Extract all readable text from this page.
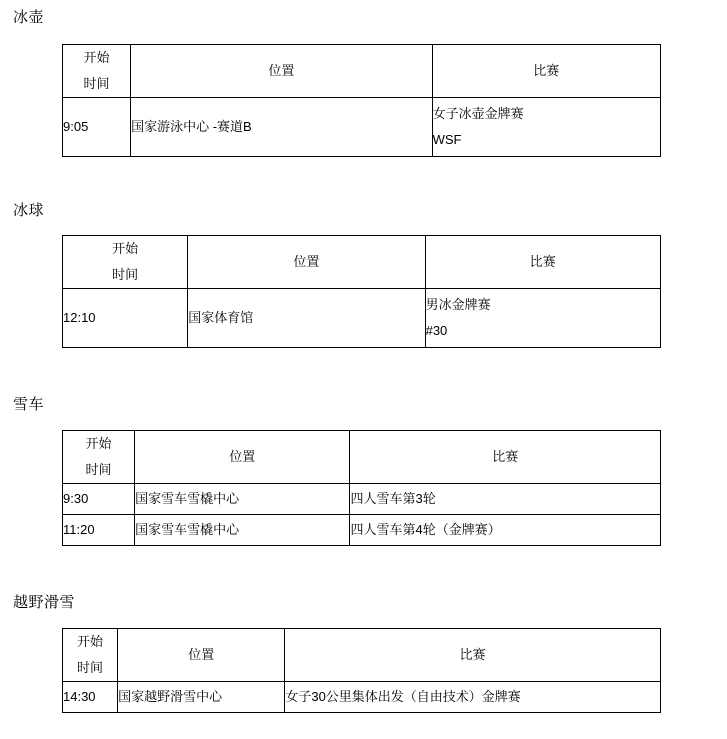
冰壶
开始
时间	位置	比赛
9:05	国家游泳中心 -赛道B	女子冰壶金牌赛
WSF
冰球
开始
时间	位置	比赛
12:10	国家体育馆	男冰金牌赛
#30
雪车
开始
时间	位置	比赛
9:30	国家雪车雪橇中心	四人雪车第3轮
11:20	国家雪车雪橇中心	四人雪车第4轮（金牌赛）
越野滑雪
开始
时间	位置	比赛
14:30	国家越野滑雪中心	女子30公里集体出发（自由技术）金牌赛
